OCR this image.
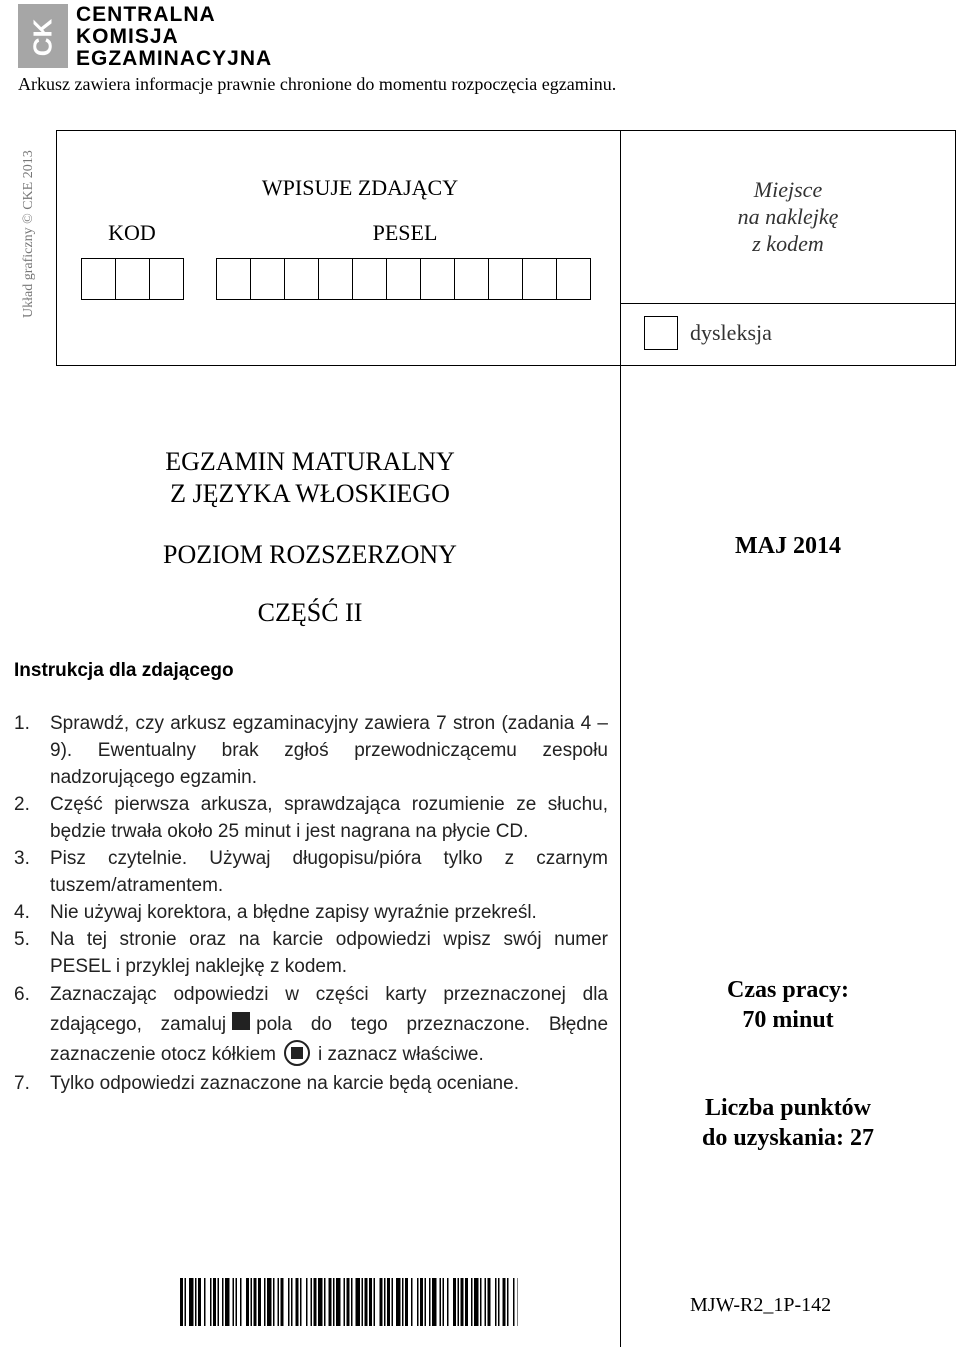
CK
CENTRALNA
KOMISJA
EGZAMINACYJNA
Arkusz zawiera informacje prawnie chronione do momentu rozpoczęcia egzaminu.
Układ graficzny © CKE 2013	WPISUJE ZDAJĄCY
KOD	PESEL
Miejsce
na naklejkę
z kodem
dysleksja
EGZAMIN MATURALNY
Z JĘZYKA WŁOSKIEGO
POZIOM ROZSZERZONY
CZĘŚĆ II
MAJ 2014
Instrukcja dla zdającego
1.	Sprawdź, czy arkusz egzaminacyjny zawiera 7 stron (zadania 4 – 9). Ewentualny brak zgłoś przewodniczącemu zespołu nadzorującego egzamin.
2.	Część pierwsza arkusza, sprawdzająca rozumienie ze słuchu, będzie trwała około 25 minut i jest nagrana na płycie CD.
3.	Pisz czytelnie. Używaj długopisu/pióra tylko z czarnym tuszem/atramentem.
4.	Nie używaj korektora, a błędne zapisy wyraźnie przekreśl.
5.	Na tej stronie oraz na karcie odpowiedzi wpisz swój numer PESEL i przyklej naklejkę z kodem.
6.	Zaznaczając odpowiedzi w części karty przeznaczonej dla zdającego, zamaluj pola do tego przeznaczone. Błędne zaznaczenie otocz kółkiem i zaznacz właściwe.
7.	Tylko odpowiedzi zaznaczone na karcie będą oceniane.
Czas pracy:
70 minut
Liczba punktów
do uzyskania: 27
MJW-R2_1P-142
